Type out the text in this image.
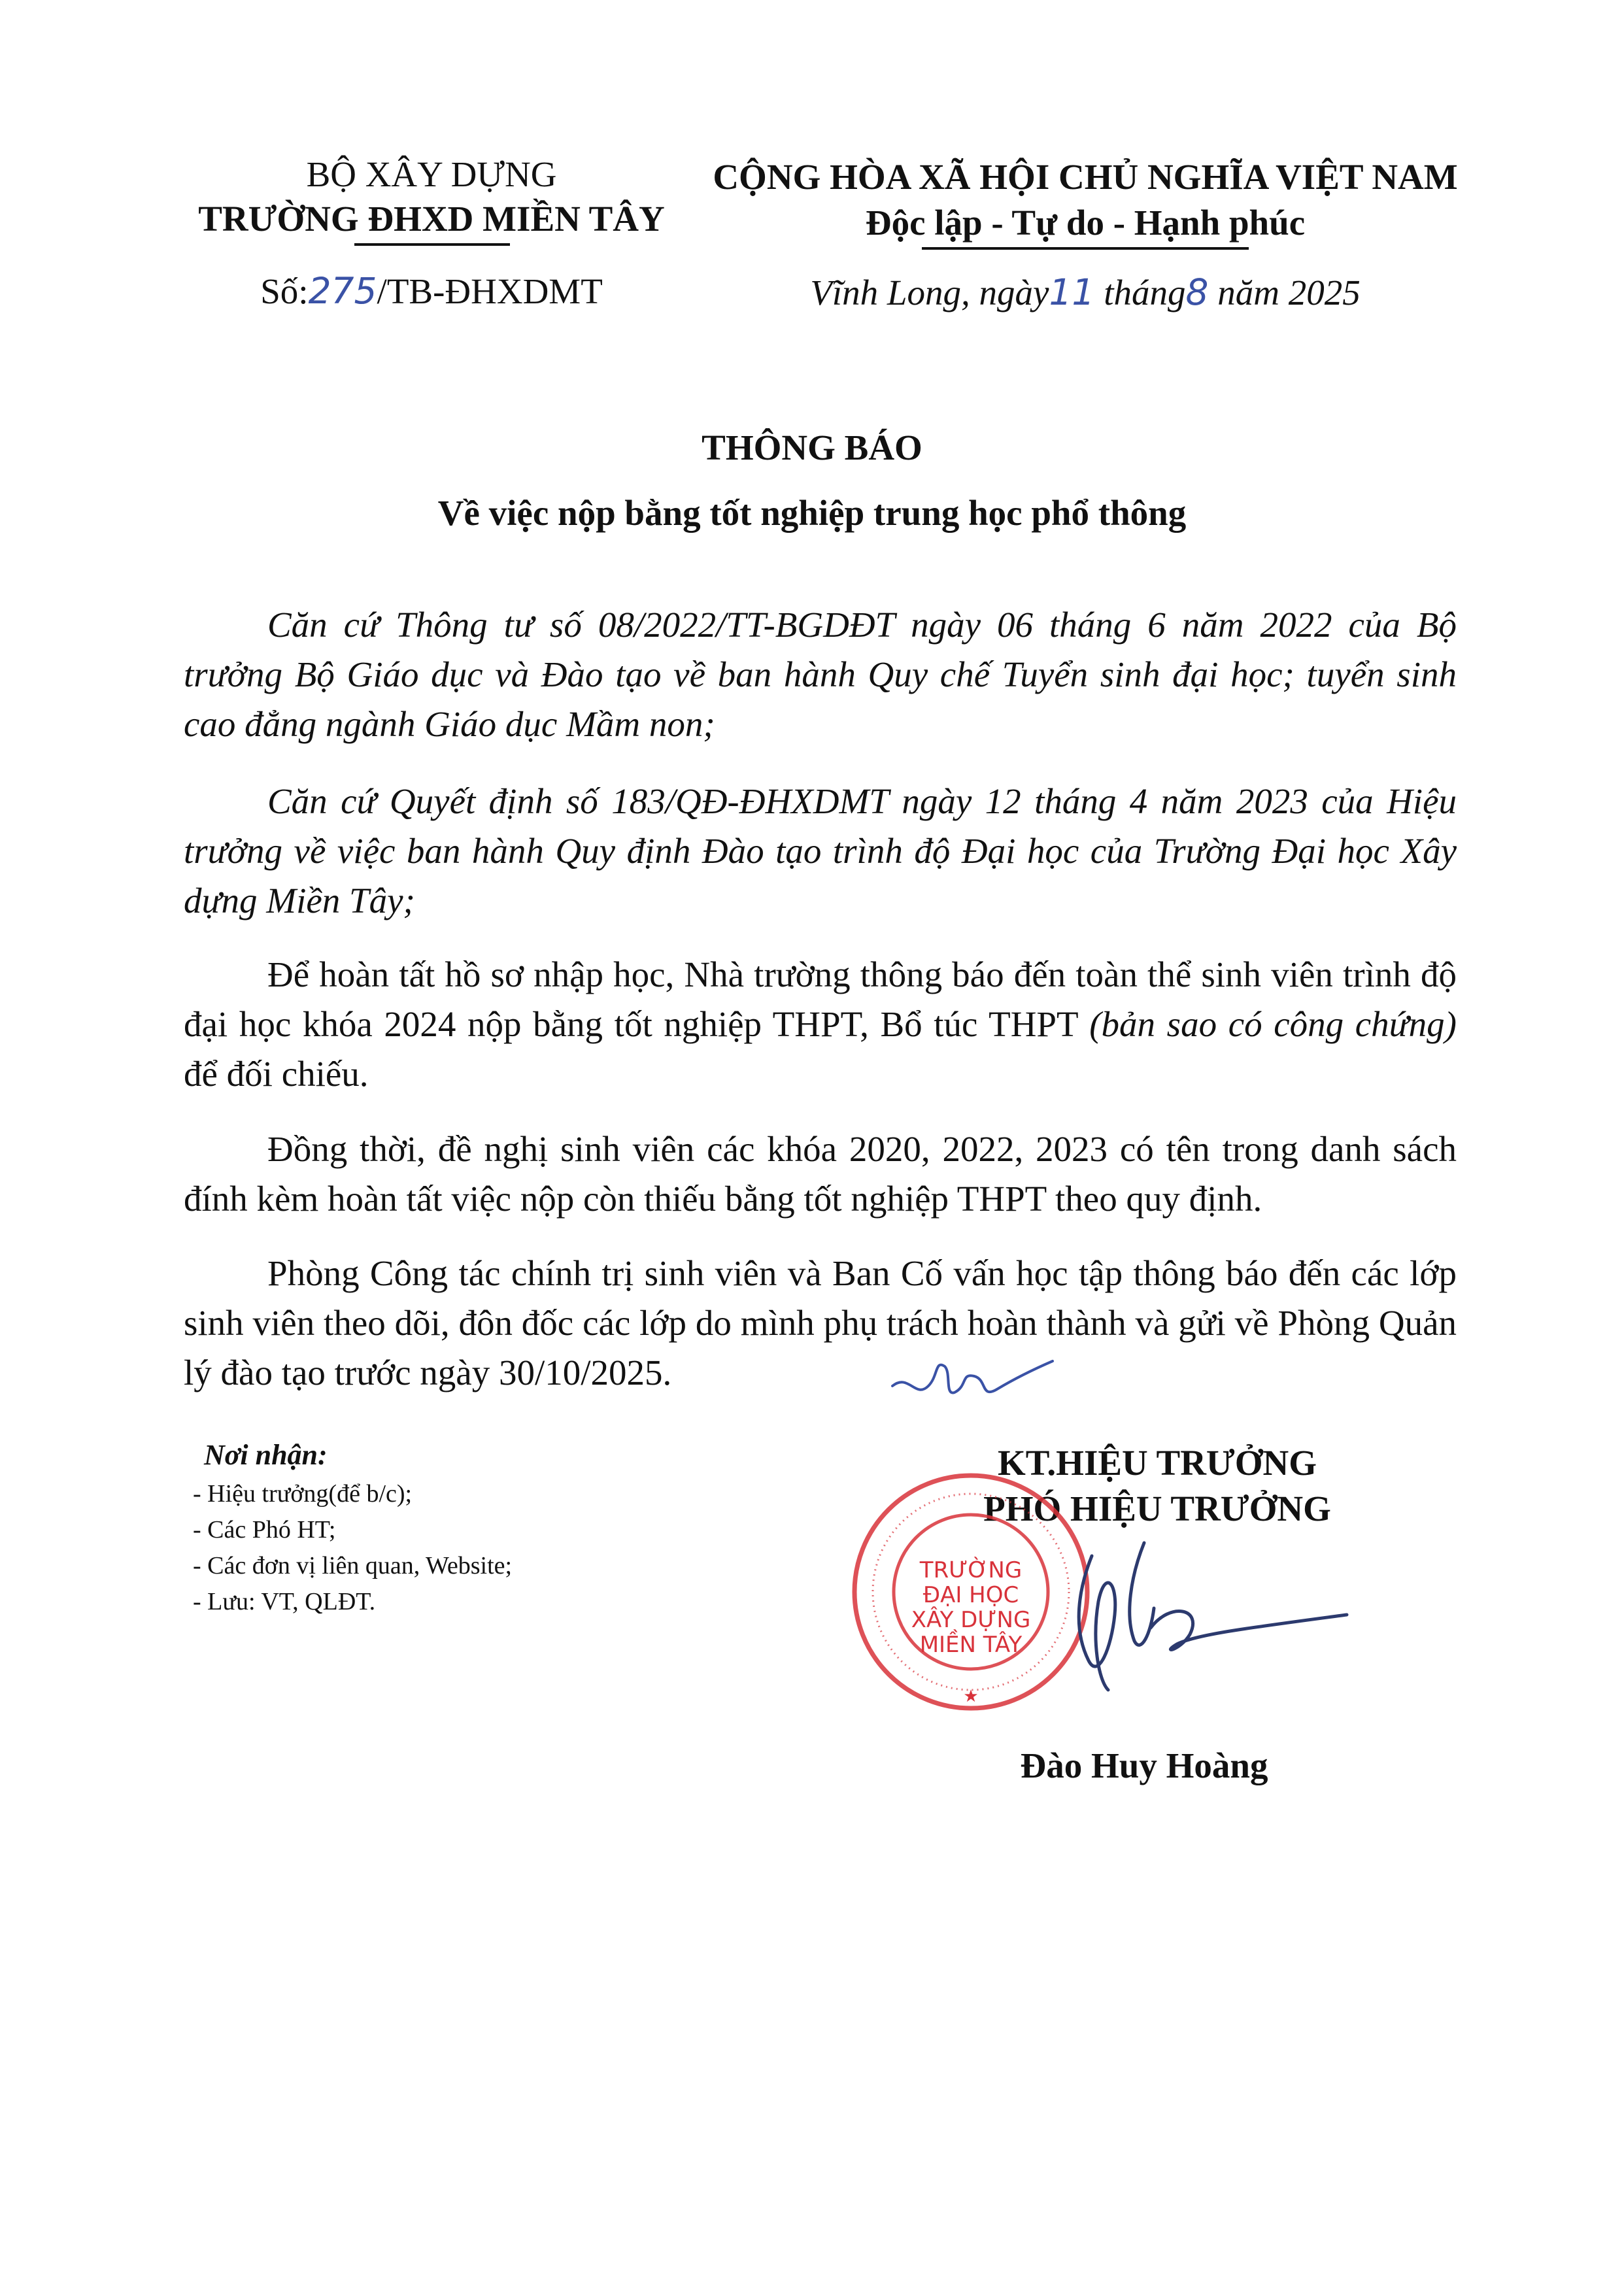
BỘ XÂY DỰNG
TRƯỜNG ĐHXD MIỀN TÂY
Số:275/TB-ĐHXDMT
CỘNG HÒA XÃ HỘI CHỦ NGHĨA VIỆT NAM
Độc lập - Tự do - Hạnh phúc
Vĩnh Long, ngày11 tháng8 năm 2025
THÔNG BÁO
Về việc nộp bằng tốt nghiệp trung học phổ thông
Căn cứ Thông tư số 08/2022/TT-BGDĐT ngày 06 tháng 6 năm 2022 của Bộ trưởng Bộ Giáo dục và Đào tạo về ban hành Quy chế Tuyển sinh đại học; tuyển sinh cao đẳng ngành Giáo dục Mầm non;
Căn cứ Quyết định số 183/QĐ-ĐHXDMT ngày 12 tháng 4 năm 2023 của Hiệu trưởng về việc ban hành Quy định Đào tạo trình độ Đại học của Trường Đại học Xây dựng Miền Tây;
Để hoàn tất hồ sơ nhập học, Nhà trường thông báo đến toàn thể sinh viên trình độ đại học khóa 2024 nộp bằng tốt nghiệp THPT, Bổ túc THPT (bản sao có công chứng) để đối chiếu.
Đồng thời, đề nghị sinh viên các khóa 2020, 2022, 2023 có tên trong danh sách đính kèm hoàn tất việc nộp còn thiếu bằng tốt nghiệp THPT theo quy định.
Phòng Công tác chính trị sinh viên và Ban Cố vấn học tập thông báo đến các lớp sinh viên theo dõi, đôn đốc các lớp do mình phụ trách hoàn thành và gửi về Phòng Quản lý đào tạo trước ngày 30/10/2025.
Nơi nhận:
- Hiệu trưởng(để b/c);
- Các Phó HT;
- Các đơn vị liên quan, Website;
- Lưu: VT, QLĐT.
KT.HIỆU TRƯỞNG
PHÓ HIỆU TRƯỞNG
TRƯỜNG
ĐẠI HỌC
XÂY DỰNG
MIỀN TÂY
★
Đào Huy Hoàng
